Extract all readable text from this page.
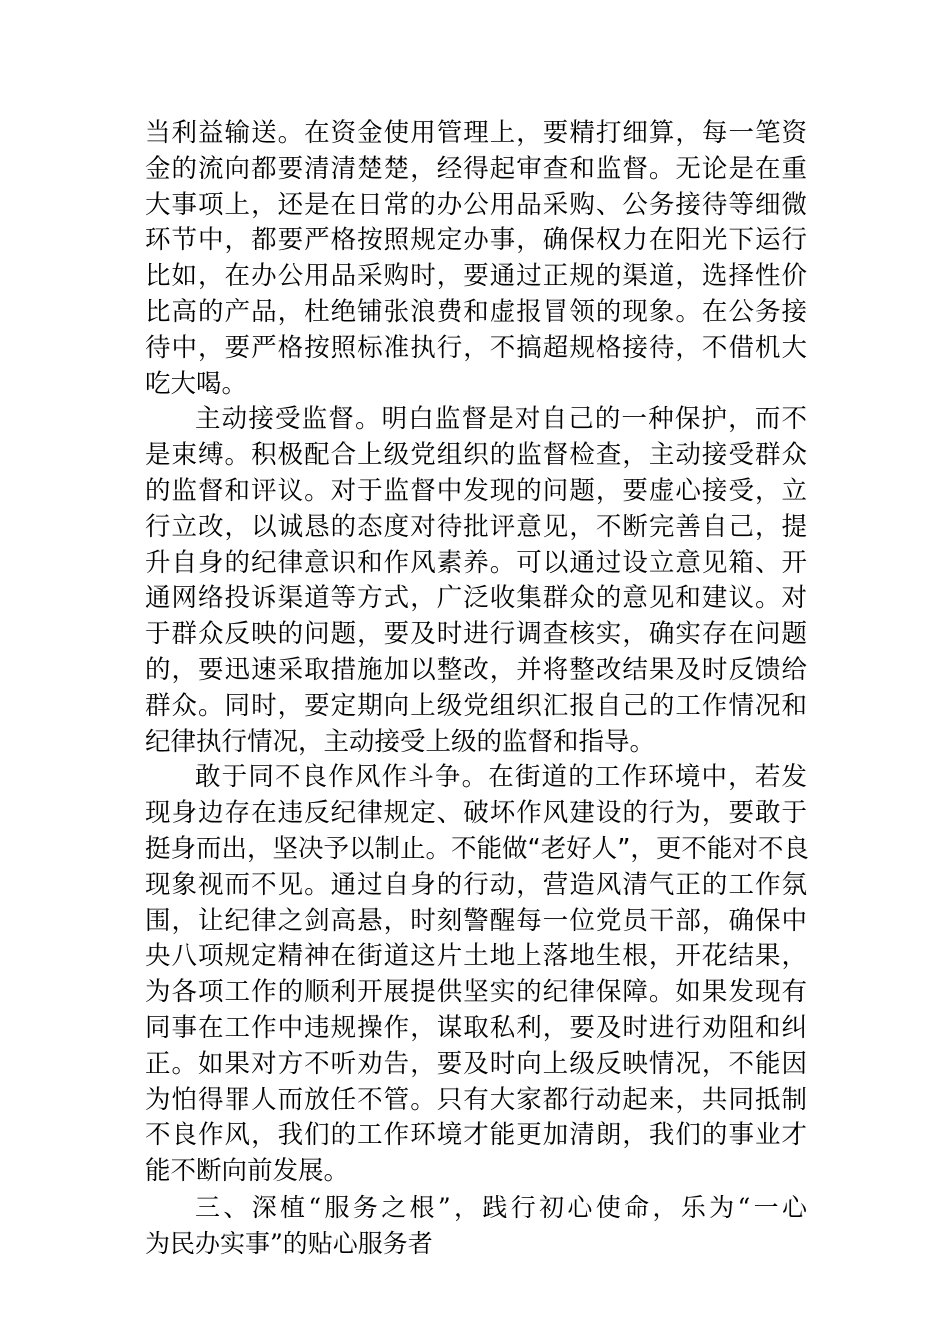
当利益输送。在资金使用管理上，要精打细算，每一笔资
金的流向都要清清楚楚，经得起审查和监督。无论是在重
大事项上，还是在日常的办公用品采购、公务接待等细微
环节中，都要严格按照规定办事，确保权力在阳光下运行
比如，在办公用品采购时，要通过正规的渠道，选择性价
比高的产品，杜绝铺张浪费和虚报冒领的现象。在公务接
待中，要严格按照标准执行，不搞超规格接待，不借机大
吃大喝。
主动接受监督。明白监督是对自己的一种保护，而不
是束缚。积极配合上级党组织的监督检查，主动接受群众
的监督和评议。对于监督中发现的问题，要虚心接受，立
行立改，以诚恳的态度对待批评意见，不断完善自己，提
升自身的纪律意识和作风素养。可以通过设立意见箱、开
通网络投诉渠道等方式，广泛收集群众的意见和建议。对
于群众反映的问题，要及时进行调查核实，确实存在问题
的，要迅速采取措施加以整改，并将整改结果及时反馈给
群众。同时，要定期向上级党组织汇报自己的工作情况和
纪律执行情况，主动接受上级的监督和指导。
敢于同不良作风作斗争。在街道的工作环境中，若发
现身边存在违反纪律规定、破坏作风建设的行为，要敢于
挺身而出，坚决予以制止。不能做“老好人”，更不能对不良
现象视而不见。通过自身的行动，营造风清气正的工作氛
围，让纪律之剑高悬，时刻警醒每一位党员干部，确保中
央八项规定精神在街道这片土地上落地生根，开花结果，
为各项工作的顺利开展提供坚实的纪律保障。如果发现有
同事在工作中违规操作，谋取私利，要及时进行劝阻和纠
正。如果对方不听劝告，要及时向上级反映情况，不能因
为怕得罪人而放任不管。只有大家都行动起来，共同抵制
不良作风，我们的工作环境才能更加清朗，我们的事业才
能不断向前发展。
三、深植“服务之根”，践行初心使命，乐为“一心
为民办实事”的贴心服务者
